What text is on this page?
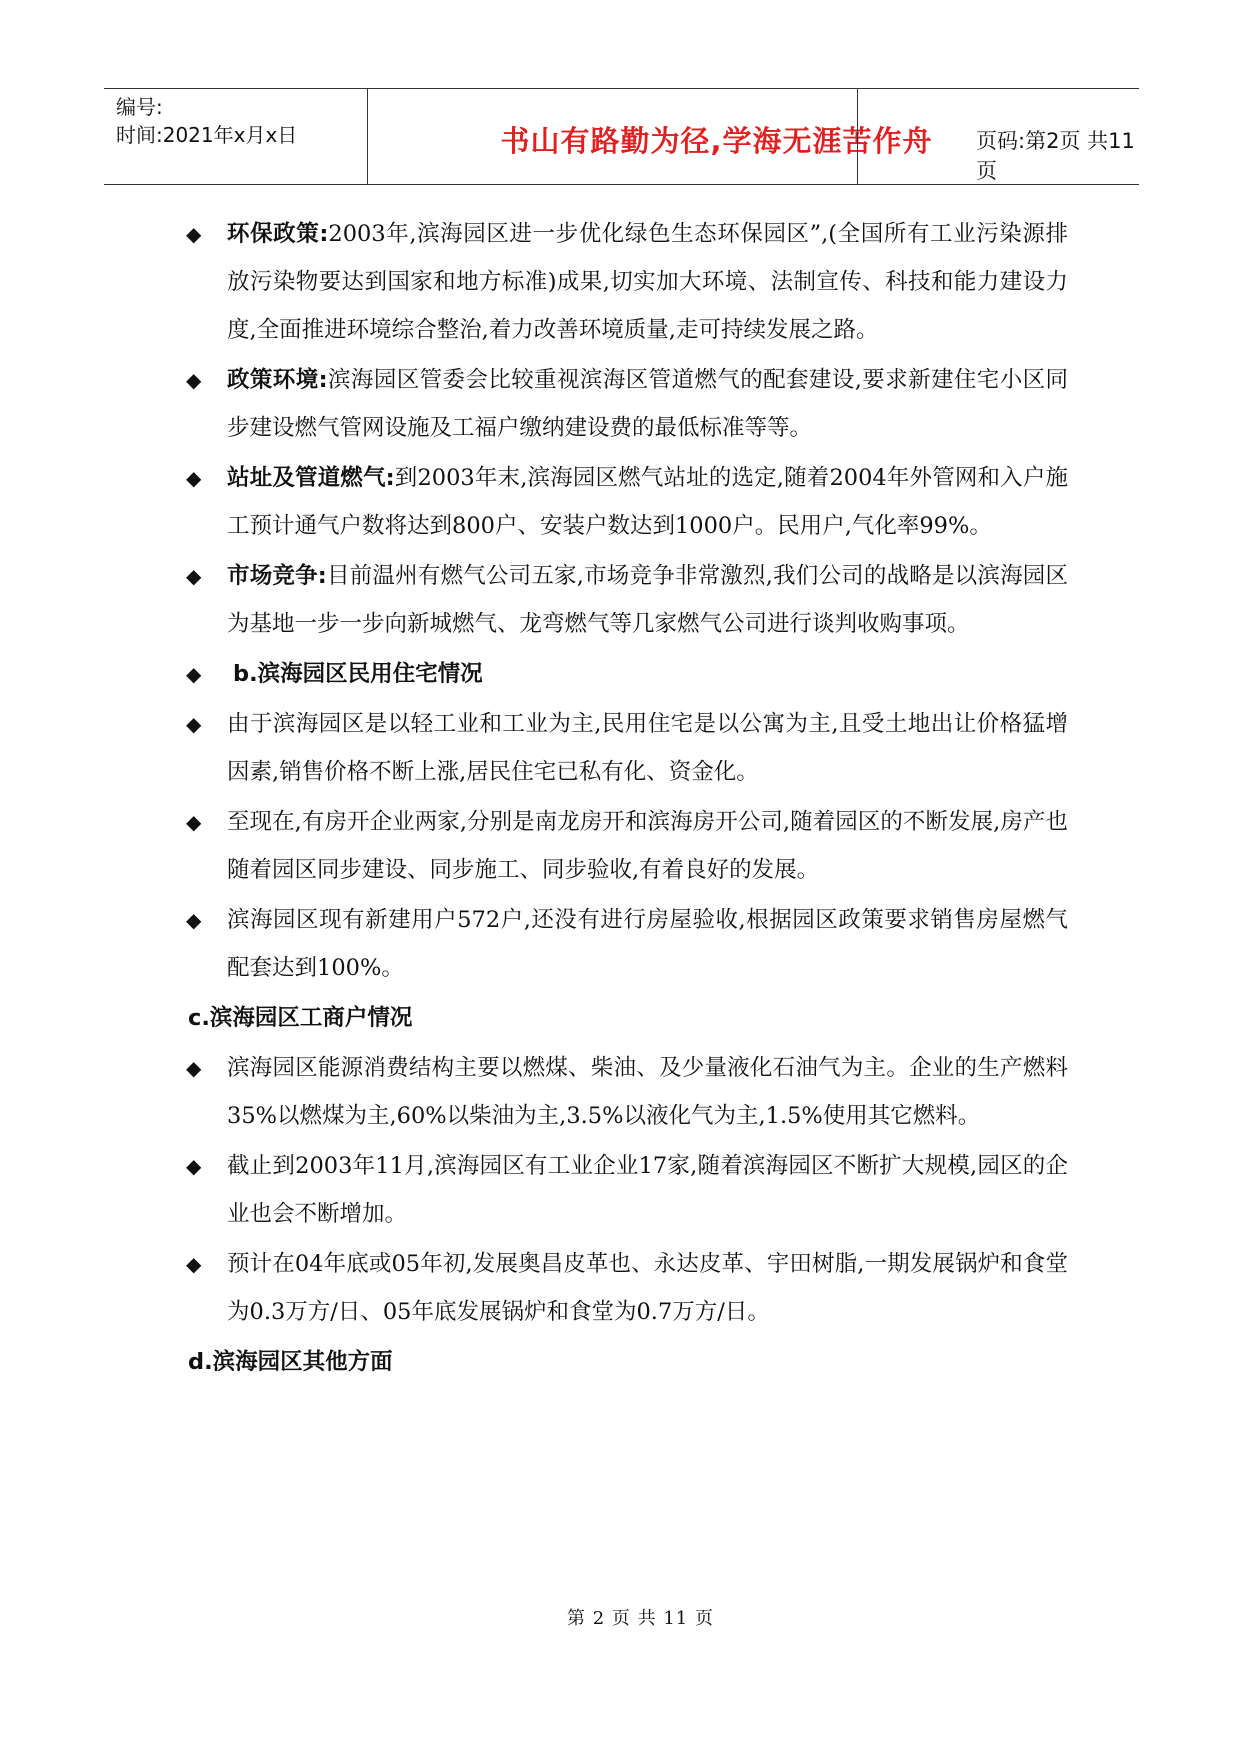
编号:
时间:2021年x月x日	书山有路勤为径,学海无涯苦作舟	页码:第2页 共11页
◆ 环保政策:2003年,滨海园区进一步优化绿色生态环保园区”,(全国所有工业污染源排放污染物要达到国家和地方标准)成果,切实加大环境、法制宣传、科技和能力建设力度,全面推进环境综合整治,着力改善环境质量,走可持续发展之路。
◆ 政策环境:滨海园区管委会比较重视滨海区管道燃气的配套建设,要求新建住宅小区同步建设燃气管网设施及工福户缴纳建设费的最低标准等等。
◆ 站址及管道燃气:到2003年末,滨海园区燃气站址的选定,随着2004年外管网和入户施工预计通气户数将达到800户、安装户数达到1000户。民用户,气化率99%。
◆ 市场竞争:目前温州有燃气公司五家,市场竞争非常激烈,我们公司的战略是以滨海园区为基地一步一步向新城燃气、龙弯燃气等几家燃气公司进行谈判收购事项。
◆ b.滨海园区民用住宅情况
◆ 由于滨海园区是以轻工业和工业为主,民用住宅是以公寓为主,且受土地出让价格猛增因素,销售价格不断上涨,居民住宅已私有化、资金化。
◆ 至现在,有房开企业两家,分别是南龙房开和滨海房开公司,随着园区的不断发展,房产也随着园区同步建设、同步施工、同步验收,有着良好的发展。
◆ 滨海园区现有新建用户572户,还没有进行房屋验收,根据园区政策要求销售房屋燃气配套达到100%。
c.滨海园区工商户情况
◆ 滨海园区能源消费结构主要以燃煤、柴油、及少量液化石油气为主。企业的生产燃料35%以燃煤为主,60%以柴油为主,3.5%以液化气为主,1.5%使用其它燃料。
◆ 截止到2003年11月,滨海园区有工业企业17家,随着滨海园区不断扩大规模,园区的企业也会不断增加。
◆ 预计在04年底或05年初,发展奥昌皮革也、永达皮革、宇田树脂,一期发展锅炉和食堂为0.3万方/日、05年底发展锅炉和食堂为0.7万方/日。
d.滨海园区其他方面
第 2 页 共 11 页
